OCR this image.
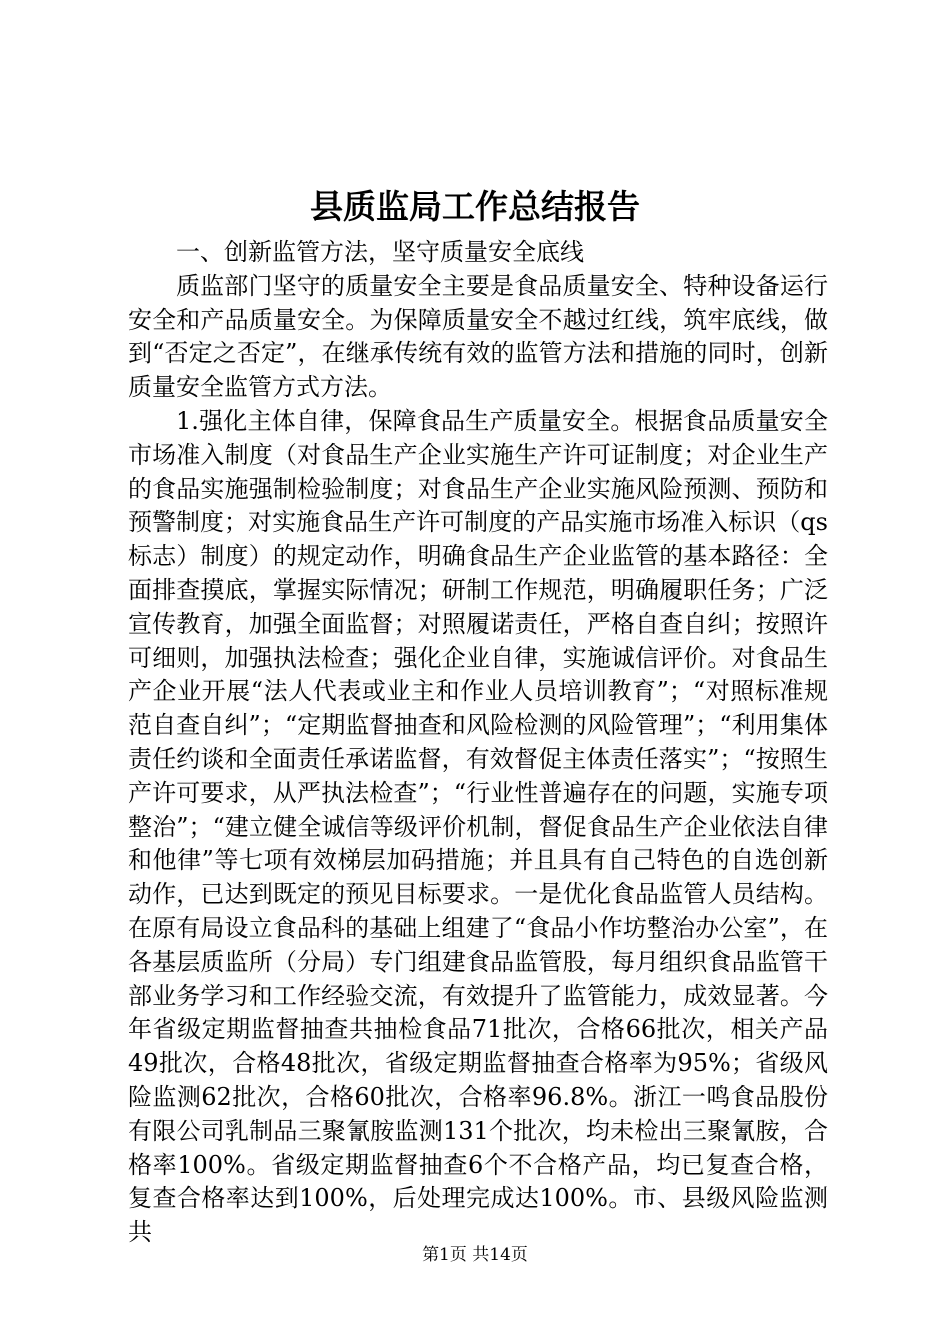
县质监局工作总结报告

一、创新监管方法，坚守质量安全底线

质监部门坚守的质量安全主要是食品质量安全、特种设备运行安全和产品质量安全。为保障质量安全不越过红线，筑牢底线，做到“否定之否定”，在继承传统有效的监管方法和措施的同时，创新质量安全监管方式方法。

1.强化主体自律，保障食品生产质量安全。根据食品质量安全市场准入制度（对食品生产企业实施生产许可证制度；对企业生产的食品实施强制检验制度；对食品生产企业实施风险预测、预防和预警制度；对实施食品生产许可制度的产品实施市场准入标识（qs标志）制度）的规定动作，明确食品生产企业监管的基本路径：全面排查摸底，掌握实际情况；研制工作规范，明确履职任务；广泛宣传教育，加强全面监督；对照履诺责任，严格自查自纠；按照许可细则，加强执法检查；强化企业自律，实施诚信评价。对食品生产企业开展“法人代表或业主和作业人员培训教育”；“对照标准规范自查自纠”；“定期监督抽查和风险检测的风险管理”；“利用集体责任约谈和全面责任承诺监督，有效督促主体责任落实”；“按照生产许可要求，从严执法检查”；“行业性普遍存在的问题，实施专项整治”；“建立健全诚信等级评价机制，督促食品生产企业依法自律和他律”等七项有效梯层加码措施；并且具有自己特色的自选创新动作，已达到既定的预见目标要求。一是优化食品监管人员结构。在原有局设立食品科的基础上组建了“食品小作坊整治办公室”，在各基层质监所（分局）专门组建食品监管股，每月组织食品监管干部业务学习和工作经验交流，有效提升了监管能力，成效显著。今年省级定期监督抽查共抽检食品71批次，合格66批次，相关产品49批次，合格48批次，省级定期监督抽查合格率为95%；省级风险监测62批次，合格60批次，合格率96.8%。浙江一鸣食品股份有限公司乳制品三聚氰胺监测131个批次，均未检出三聚氰胺，合格率100%。省级定期监督抽查6个不合格产品，均已复查合格，复查合格率达到100%，后处理完成达100%。市、县级风险监测共

第1页 共14页
